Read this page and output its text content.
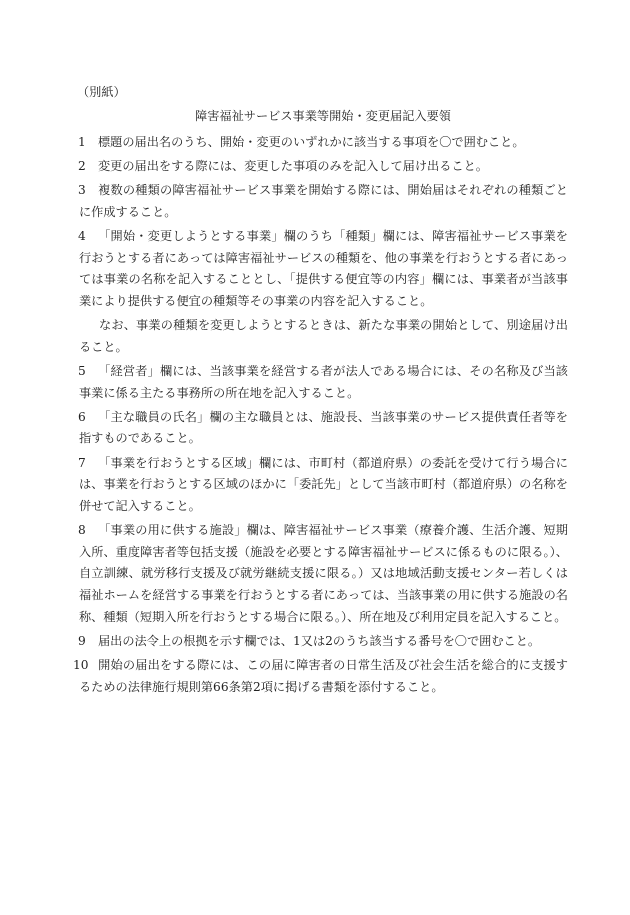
（別紙）

障害福祉サービス事業等開始・変更届記入要領
1 標題の届出名のうち、開始・変更のいずれかに該当する事項を〇で囲むこと。
2 変更の届出をする際には、変更した事項のみを記入して届け出ること。
3 複数の種類の障害福祉サービス事業を開始する際には、開始届はそれぞれの種類ごとに作成すること。
4 「開始・変更しようとする事業」欄のうち「種類」欄には、障害福祉サービス事業を行おうとする者にあっては障害福祉サービスの種類を、他の事業を行おうとする者にあっては事業の名称を記入することとし、「提供する便宜等の内容」欄には、事業者が当該事業により提供する便宜の種類等その事業の内容を記入すること。
なお、事業の種類を変更しようとするときは、新たな事業の開始として、別途届け出ること。
5 「経営者」欄には、当該事業を経営する者が法人である場合には、その名称及び当該事業に係る主たる事務所の所在地を記入すること。
6 「主な職員の氏名」欄の主な職員とは、施設長、当該事業のサービス提供責任者等を指すものであること。
7 「事業を行おうとする区域」欄には、市町村（都道府県）の委託を受けて行う場合には、事業を行おうとする区域のほかに「委託先」として当該市町村（都道府県）の名称を併せて記入すること。
8 「事業の用に供する施設」欄は、障害福祉サービス事業（療養介護、生活介護、短期入所、重度障害者等包括支援（施設を必要とする障害福祉サービスに係るものに限る。）、自立訓練、就労移行支援及び就労継続支援に限る。）又は地域活動支援センター若しくは福祉ホームを経営する事業を行おうとする者にあっては、当該事業の用に供する施設の名称、種類（短期入所を行おうとする場合に限る。）、所在地及び利用定員を記入すること。
9 届出の法令上の根拠を示す欄では、1又は2のうち該当する番号を〇で囲むこと。
10 開始の届出をする際には、この届に障害者の日常生活及び社会生活を総合的に支援するための法律施行規則第66条第2項に掲げる書類を添付すること。
